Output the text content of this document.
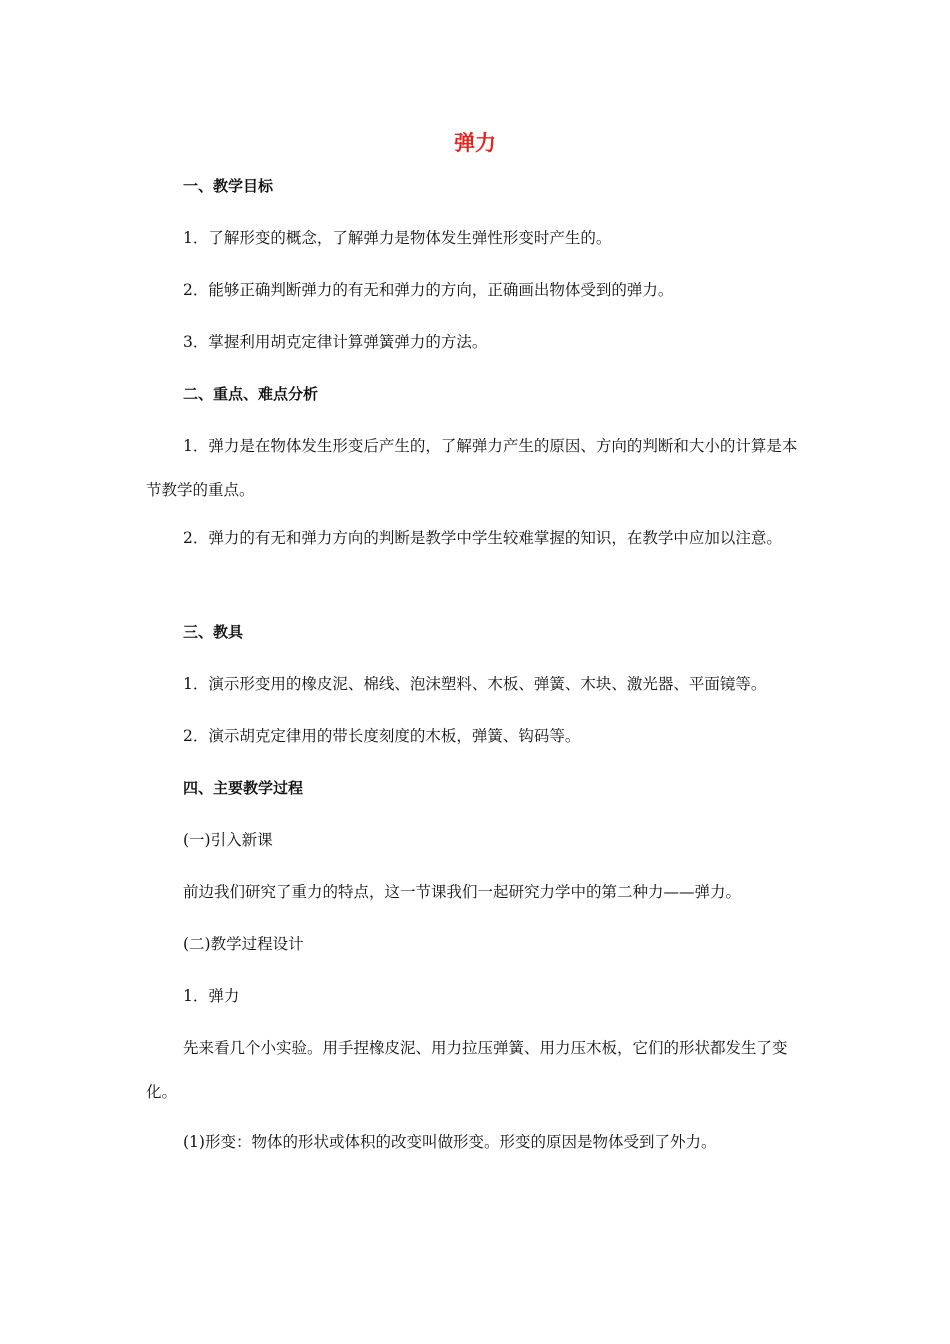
弹力
一、教学目标
1．了解形变的概念，了解弹力是物体发生弹性形变时产生的。
2．能够正确判断弹力的有无和弹力的方向，正确画出物体受到的弹力。
3．掌握利用胡克定律计算弹簧弹力的方法。
二、重点、难点分析
1．弹力是在物体发生形变后产生的，了解弹力产生的原因、方向的判断和大小的计算是本节教学的重点。
2．弹力的有无和弹力方向的判断是教学中学生较难掌握的知识，在教学中应加以注意。
三、教具
1．演示形变用的橡皮泥、棉线、泡沫塑料、木板、弹簧、木块、激光器、平面镜等。
2．演示胡克定律用的带长度刻度的木板，弹簧、钩码等。
四、主要教学过程
(一)引入新课
前边我们研究了重力的特点，这一节课我们一起研究力学中的第二种力——弹力。
(二)教学过程设计
1．弹力
先来看几个小实验。用手捏橡皮泥、用力拉压弹簧、用力压木板，它们的形状都发生了变化。
(1)形变：物体的形状或体积的改变叫做形变。形变的原因是物体受到了外力。
